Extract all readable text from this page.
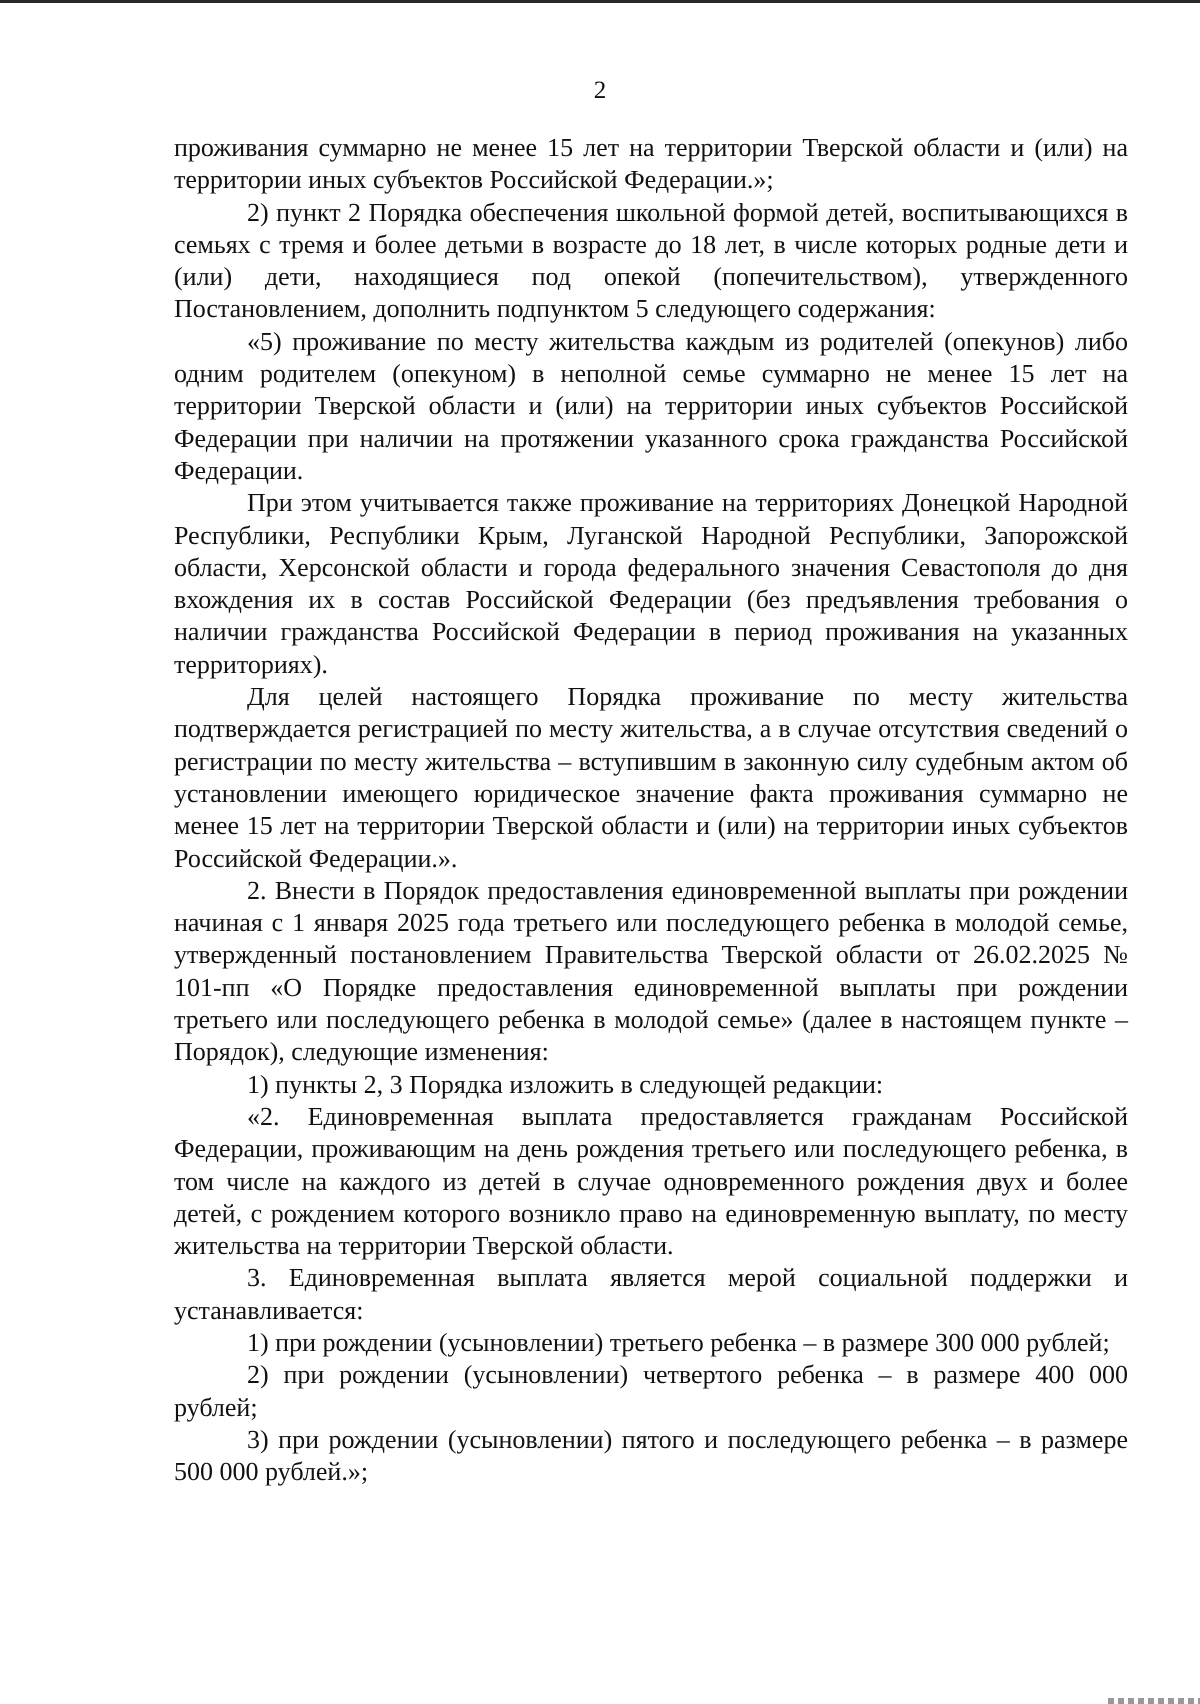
2

проживания суммарно не менее 15 лет на территории Тверской области и (или) на территории иных субъектов Российской Федерации.»;

2) пункт 2 Порядка обеспечения школьной формой детей, воспитывающихся в семьях с тремя и более детьми в возрасте до 18 лет, в числе которых родные дети и (или) дети, находящиеся под опекой (попечительством), утвержденного Постановлением, дополнить подпунктом 5 следующего содержания:

«5) проживание по месту жительства каждым из родителей (опекунов) либо одним родителем (опекуном) в неполной семье суммарно не менее 15 лет на территории Тверской области и (или) на территории иных субъектов Российской Федерации при наличии на протяжении указанного срока гражданства Российской Федерации.

При этом учитывается также проживание на территориях Донецкой Народной Республики, Республики Крым, Луганской Народной Республики, Запорожской области, Херсонской области и города федерального значения Севастополя до дня вхождения их в состав Российской Федерации (без предъявления требования о наличии гражданства Российской Федерации в период проживания на указанных территориях).

Для целей настоящего Порядка проживание по месту жительства подтверждается регистрацией по месту жительства, а в случае отсутствия сведений о регистрации по месту жительства – вступившим в законную силу судебным актом об установлении имеющего юридическое значение факта проживания суммарно не менее 15 лет на территории Тверской области и (или) на территории иных субъектов Российской Федерации.».

2. Внести в Порядок предоставления единовременной выплаты при рождении начиная с 1 января 2025 года третьего или последующего ребенка в молодой семье, утвержденный постановлением Правительства Тверской области от 26.02.2025 № 101-пп «О Порядке предоставления единовременной выплаты при рождении третьего или последующего ребенка в молодой семье» (далее в настоящем пункте – Порядок), следующие изменения:

1) пункты 2, 3 Порядка изложить в следующей редакции:

«2. Единовременная выплата предоставляется гражданам Российской Федерации, проживающим на день рождения третьего или последующего ребенка, в том числе на каждого из детей в случае одновременного рождения двух и более детей, с рождением которого возникло право на единовременную выплату, по месту жительства на территории Тверской области.

3. Единовременная выплата является мерой социальной поддержки и устанавливается:

1) при рождении (усыновлении) третьего ребенка – в размере 300 000 рублей;

2) при рождении (усыновлении) четвертого ребенка – в размере 400 000 рублей;

3) при рождении (усыновлении) пятого и последующего ребенка – в размере 500 000 рублей.»;
